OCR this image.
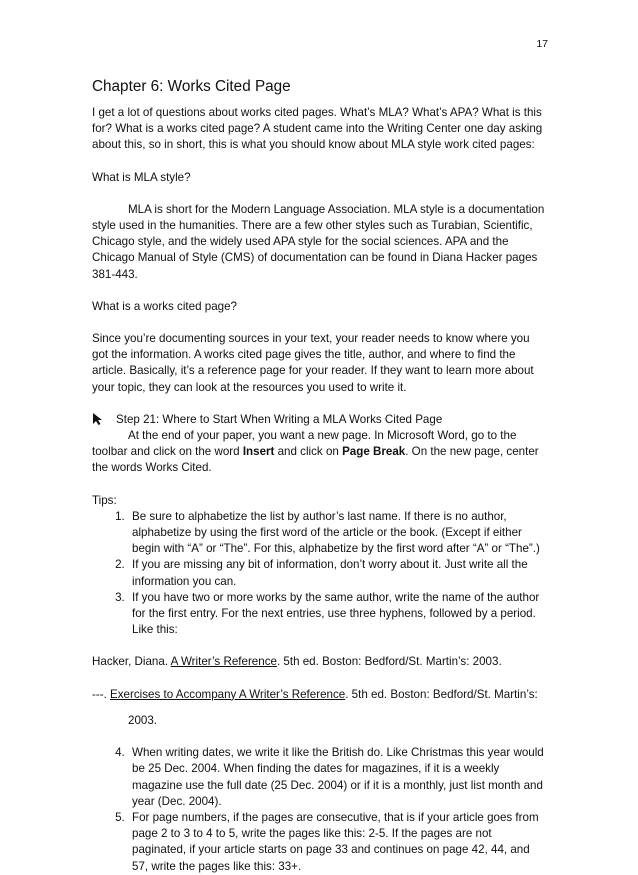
17
Chapter 6: Works Cited Page

I get a lot of questions about works cited pages. What’s MLA? What’s APA? What is this for? What is a works cited page? A student came into the Writing Center one day asking about this, so in short, this is what you should know about MLA style work cited pages:

What is MLA style?

MLA is short for the Modern Language Association. MLA style is a documentation style used in the humanities. There are a few other styles such as Turabian, Scientific, Chicago style, and the widely used APA style for the social sciences. APA and the Chicago Manual of Style (CMS) of documentation can be found in Diana Hacker pages 381-443.

What is a works cited page?

Since you’re documenting sources in your text, your reader needs to know where you got the information. A works cited page gives the title, author, and where to find the article. Basically, it’s a reference page for your reader. If they want to learn more about your topic, they can look at the resources you used to write it.

Step 21: Where to Start When Writing a MLA Works Cited Page
At the end of your paper, you want a new page. In Microsoft Word, go to the toolbar and click on the word Insert and click on Page Break. On the new page, center the words Works Cited.

Tips:

1. Be sure to alphabetize the list by author’s last name. If there is no author, alphabetize by using the first word of the article or the book. (Except if either begin with “A” or “The”. For this, alphabetize by the first word after “A” or “The”.)
2. If you are missing any bit of information, don’t worry about it. Just write all the information you can.
3. If you have two or more works by the same author, write the name of the author for the first entry. For the next entries, use three hyphens, followed by a period. Like this:

Hacker, Diana. A Writer’s Reference. 5th ed. Boston: Bedford/St. Martin’s: 2003.

---. Exercises to Accompany A Writer’s Reference. 5th ed. Boston: Bedford/St. Martin’s:

2003.

4. When writing dates, we write it like the British do. Like Christmas this year would be 25 Dec. 2004. When finding the dates for magazines, if it is a weekly magazine use the full date (25 Dec. 2004) or if it is a monthly, just list month and year (Dec. 2004).
5. For page numbers, if the pages are consecutive, that is if your article goes from page 2 to 3 to 4 to 5, write the pages like this: 2-5. If the pages are not paginated, if your article starts on page 33 and continues on page 42, 44, and 57, write the pages like this: 33+.
